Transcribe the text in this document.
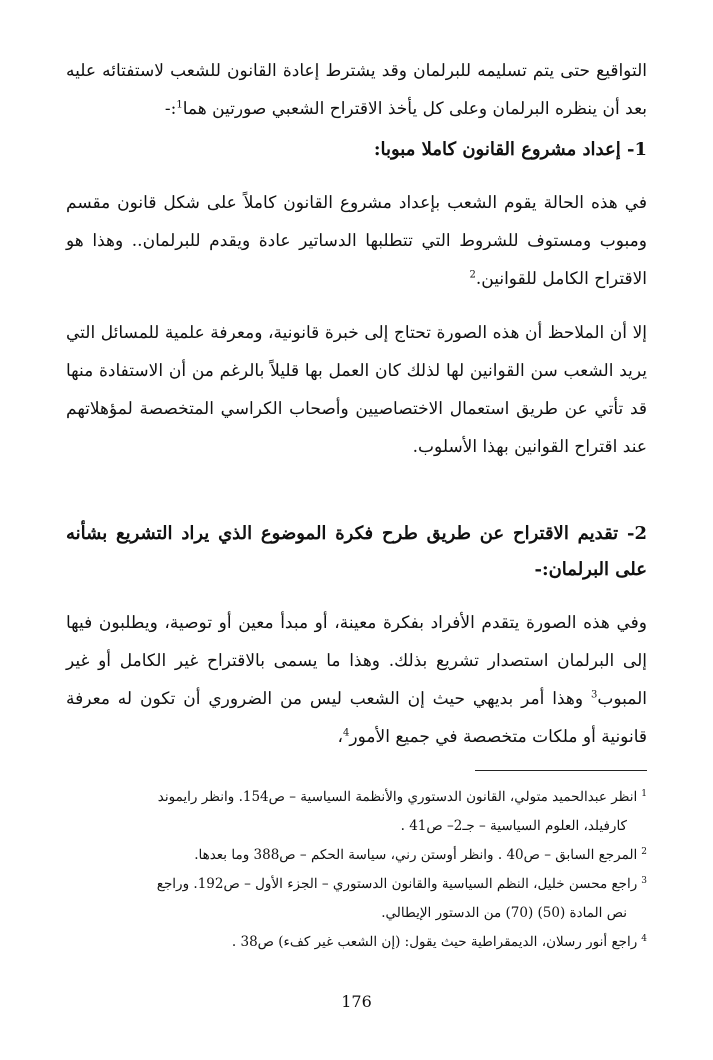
التواقيع حتى يتم تسليمه للبرلمان وقد يشترط إعادة القانون للشعب لاستفتائه عليه بعد أن ينظره البرلمان وعلى كل يأخذ الاقتراح الشعبي صورتين هما$^1$:-

1- إعداد مشروع القانون كاملا مبوبا:

في هذه الحالة يقوم الشعب بإعداد مشروع القانون كاملاً على شكل قانون مقسم ومبوب ومستوف للشروط التي تتطلبها الدساتير عادة ويقدم للبرلمان.. وهذا هو الاقتراح الكامل للقوانين.$^2$

إلا أن الملاحظ أن هذه الصورة تحتاج إلى خبرة قانونية، ومعرفة علمية للمسائل التي يريد الشعب سن القوانين لها لذلك كان العمل بها قليلاً بالرغم من أن الاستفادة منها قد تأتي عن طريق استعمال الاختصاصيين وأصحاب الكراسي المتخصصة لمؤهلاتهم عند اقتراح القوانين بهذا الأسلوب.

2- تقديم الاقتراح عن طريق طرح فكرة الموضوع الذي يراد التشريع بشأنه على البرلمان:-

وفي هذه الصورة يتقدم الأفراد بفكرة معينة، أو مبدأ معين أو توصية، ويطلبون فيها إلى البرلمان استصدار تشريع بذلك. وهذا ما يسمى بالاقتراح غير الكامل أو غير المبوب$^3$ وهذا أمر بديهي حيث إن الشعب ليس من الضروري أن تكون له معرفة قانونية أو ملكات متخصصة في جميع الأمور$^4$،

$^1$انظر عبدالحميد متولي، القانون الدستوري والأنظمة السياسية – ص154. وانظر رايموند
كارفيلد، العلوم السياسية – جـ2– ص41 .

$^2$المرجع السابق – ص40 . وانظر أوستن رني، سياسة الحكم – ص388 وما بعدها.

$^3$راجع محسن خليل، النظم السياسية والقانون الدستوري – الجزء الأول – ص192. وراجع
نص المادة (50) (70) من الدستور الإيطالي.

$^4$راجع أنور رسلان، الديمقراطية حيث يقول: (إن الشعب غير كفء) ص38 .

176
